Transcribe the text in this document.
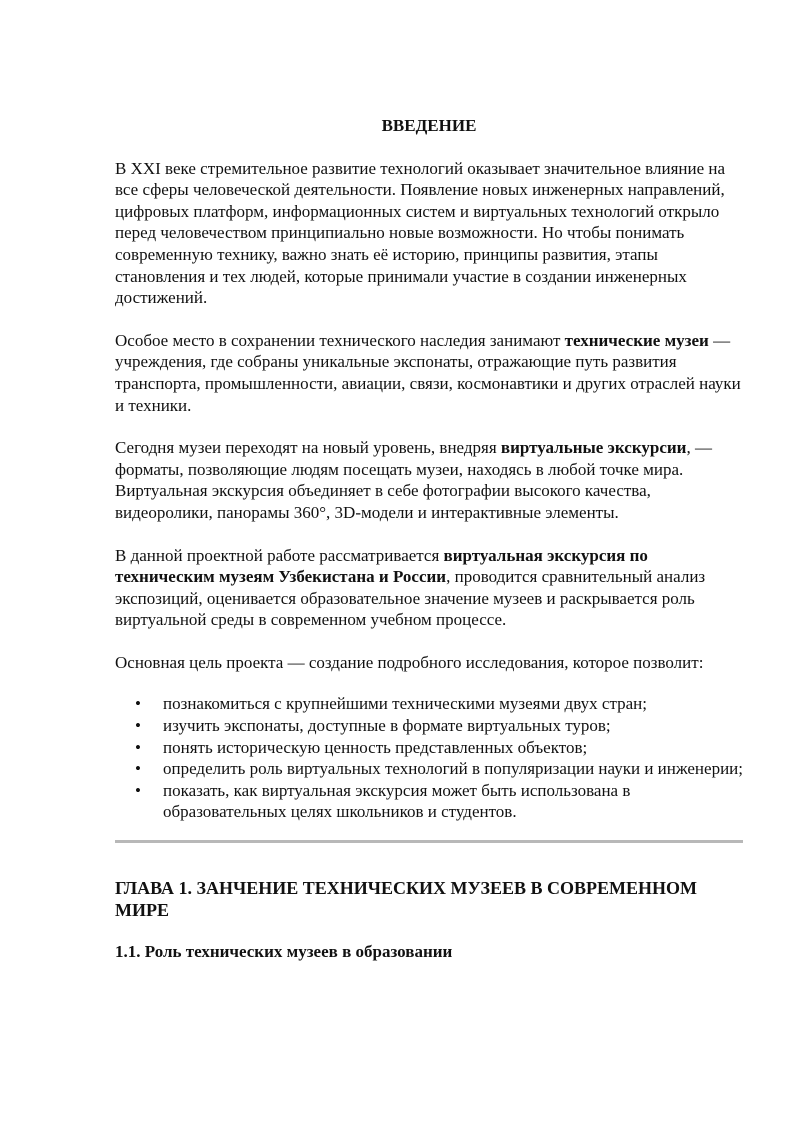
ВВЕДЕНИЕ

В XXI веке стремительное развитие технологий оказывает значительное влияние на все сферы человеческой деятельности. Появление новых инженерных направлений, цифровых платформ, информационных систем и виртуальных технологий открыло перед человечеством принципиально новые возможности. Но чтобы понимать современную технику, важно знать её историю, принципы развития, этапы становления и тех людей, которые принимали участие в создании инженерных достижений.

Особое место в сохранении технического наследия занимают технические музеи — учреждения, где собраны уникальные экспонаты, отражающие путь развития транспорта, промышленности, авиации, связи, космонавтики и других отраслей науки и техники.

Сегодня музеи переходят на новый уровень, внедряя виртуальные экскурсии, — форматы, позволяющие людям посещать музеи, находясь в любой точке мира. Виртуальная экскурсия объединяет в себе фотографии высокого качества, видеоролики, панорамы 360°, 3D-модели и интерактивные элементы.

В данной проектной работе рассматривается виртуальная экскурсия по техническим музеям Узбекистана и России, проводится сравнительный анализ экспозиций, оценивается образовательное значение музеев и раскрывается роль виртуальной среды в современном учебном процессе.

Основная цель проекта — создание подробного исследования, которое позволит:

• познакомиться с крупнейшими техническими музеями двух стран;
• изучить экспонаты, доступные в формате виртуальных туров;
• понять историческую ценность представленных объектов;
• определить роль виртуальных технологий в популяризации науки и инженерии;
• показать, как виртуальная экскурсия может быть использована в образовательных целях школьников и студентов.
ГЛАВА 1. ЗАНЧЕНИЕ ТЕХНИЧЕСКИХ МУЗЕЕВ В СОВРЕМЕННОМ МИРЕ
1.1. Роль технических музеев в образовании
